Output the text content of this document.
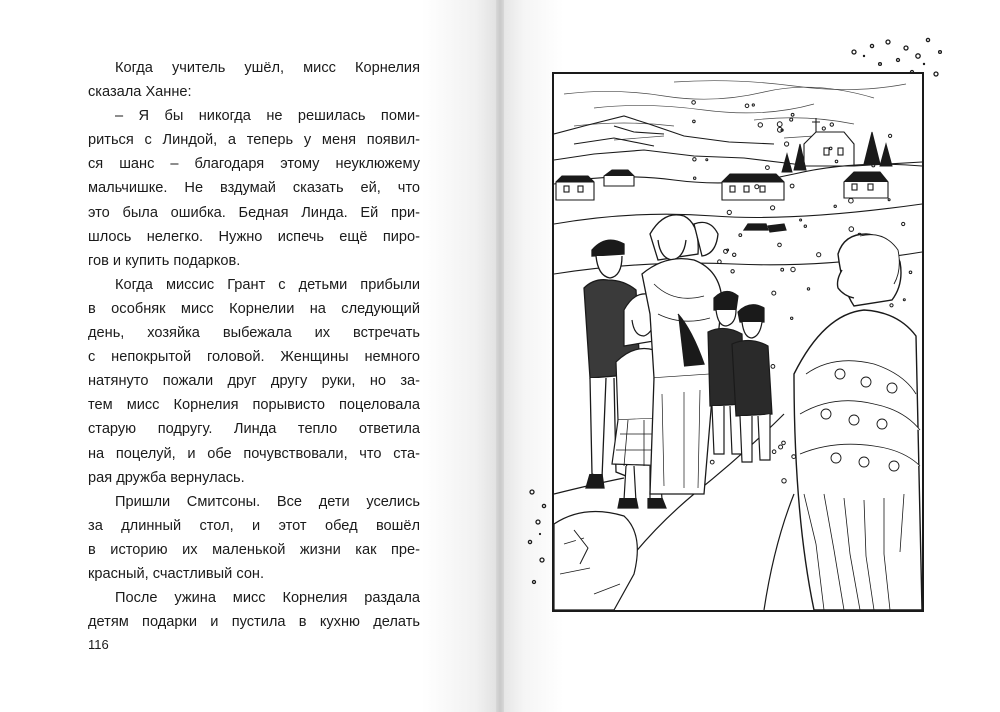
Когда учитель ушёл, мисс Корнелия
сказала Ханне:
– Я бы никогда не решилась поми-
риться с Линдой, а теперь у меня появил-
ся шанс – благодаря этому неуклюжему
мальчишке. Не вздумай сказать ей, что
это была ошибка. Бедная Линда. Ей при-
шлось нелегко. Нужно испечь ещё пиро-
гов и купить подарков.
Когда миссис Грант с детьми прибыли
в особняк мисс Корнелии на следующий
день, хозяйка выбежала их встречать
с непокрытой головой. Женщины немного
натянуто пожали друг другу руки, но за-
тем мисс Корнелия порывисто поцеловала
старую подругу. Линда тепло ответила
на поцелуй, и обе почувствовали, что ста-
рая дружба вернулась.
Пришли Смитсоны. Все дети уселись
за длинный стол, и этот обед вошёл
в историю их маленькой жизни как пре-
красный, счастливый сон.
После ужина мисс Корнелия раздала
детям подарки и пустила в кухню делать
116
